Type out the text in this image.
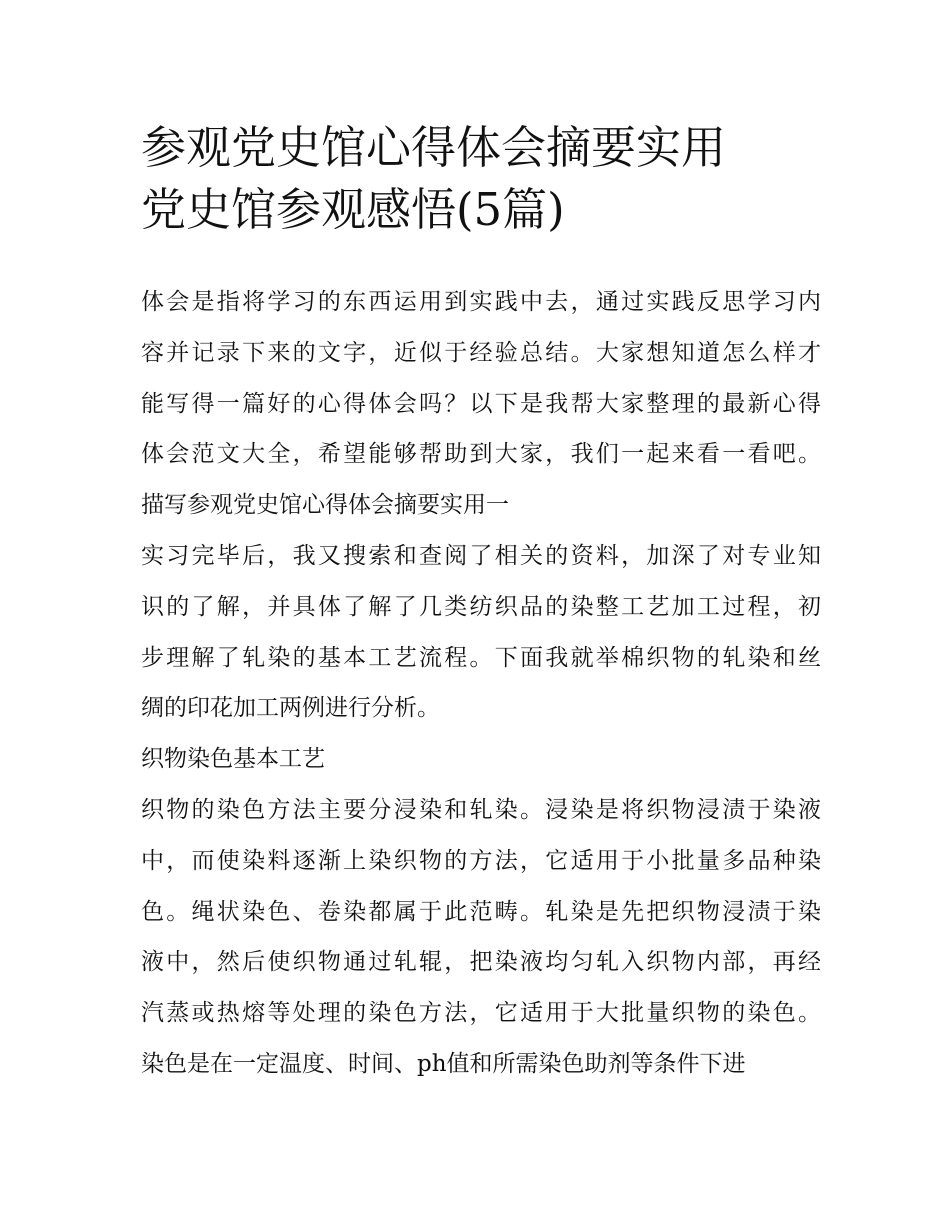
参观党史馆心得体会摘要实用
党史馆参观感悟(5篇)

体会是指将学习的东西运用到实践中去，通过实践反思学习内
容并记录下来的文字，近似于经验总结。大家想知道怎么样才
能写得一篇好的心得体会吗？以下是我帮大家整理的最新心得
体会范文大全，希望能够帮助到大家，我们一起来看一看吧。

描写参观党史馆心得体会摘要实用一

实习完毕后，我又搜索和查阅了相关的资料，加深了对专业知
识的了解，并具体了解了几类纺织品的染整工艺加工过程，初
步理解了轧染的基本工艺流程。下面我就举棉织物的轧染和丝
绸的印花加工两例进行分析。

织物染色基本工艺

织物的染色方法主要分浸染和轧染。浸染是将织物浸渍于染液
中，而使染料逐渐上染织物的方法，它适用于小批量多品种染
色。绳状染色、卷染都属于此范畴。轧染是先把织物浸渍于染
液中，然后使织物通过轧辊，把染液均匀轧入织物内部，再经
汽蒸或热熔等处理的染色方法，它适用于大批量织物的染色。
染色是在一定温度、时间、ph值和所需染色助剂等条件下进
